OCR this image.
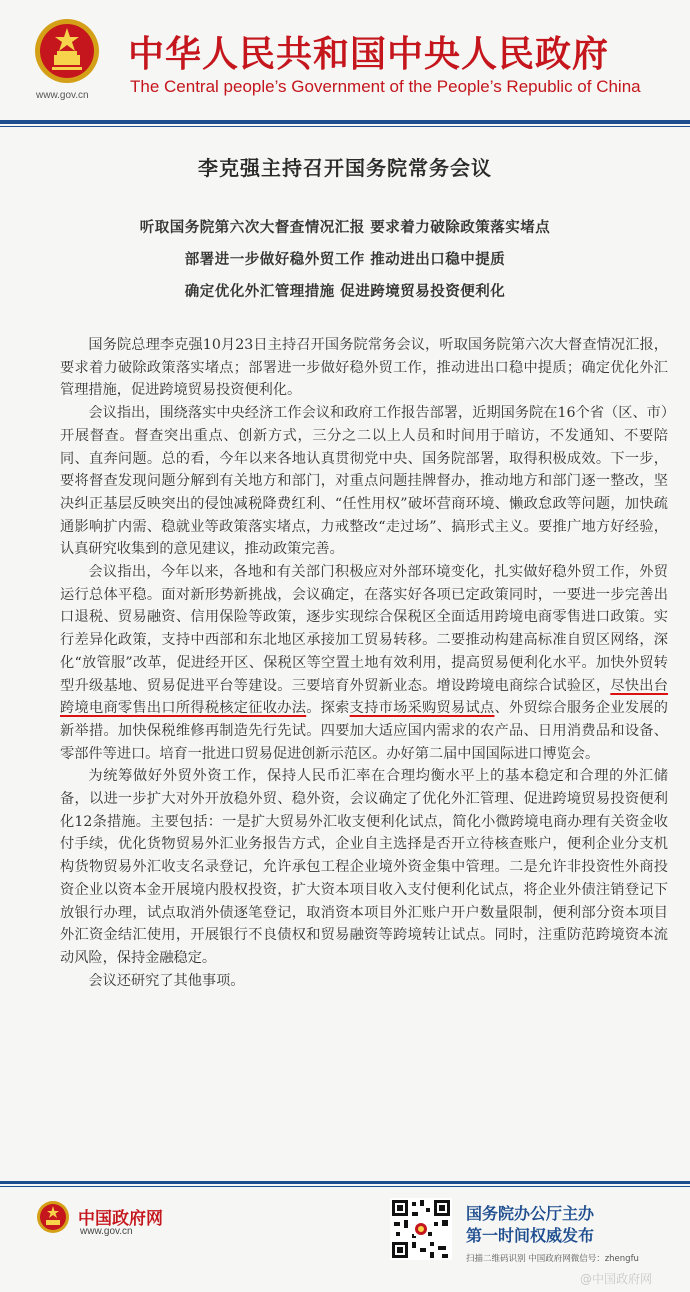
www.gov.cn
中华人民共和国中央人民政府
The Central people’s Government of the People’s Republic of China
李克强主持召开国务院常务会议
听取国务院第六次大督查情况汇报 要求着力破除政策落实堵点
部署进一步做好稳外贸工作 推动进出口稳中提质
确定优化外汇管理措施 促进跨境贸易投资便利化

国务院总理李克强10月23日主持召开国务院常务会议，听取国务院第六次大督查情况汇报，要求着力破除政策落实堵点；部署进一步做好稳外贸工作，推动进出口稳中提质；确定优化外汇管理措施，促进跨境贸易投资便利化。

会议指出，围绕落实中央经济工作会议和政府工作报告部署，近期国务院在16个省（区、市）开展督查。督查突出重点、创新方式，三分之二以上人员和时间用于暗访，不发通知、不要陪同、直奔问题。总的看，今年以来各地认真贯彻党中央、国务院部署，取得积极成效。下一步，要将督查发现问题分解到有关地方和部门，对重点问题挂牌督办，推动地方和部门逐一整改，坚决纠正基层反映突出的侵蚀减税降费红利、“任性用权”破坏营商环境、懒政怠政等问题，加快疏通影响扩内需、稳就业等政策落实堵点，力戒整改“走过场”、搞形式主义。要推广地方好经验，认真研究收集到的意见建议，推动政策完善。

会议指出，今年以来，各地和有关部门积极应对外部环境变化，扎实做好稳外贸工作，外贸运行总体平稳。面对新形势新挑战，会议确定，在落实好各项已定政策同时，一要进一步完善出口退税、贸易融资、信用保险等政策，逐步实现综合保税区全面适用跨境电商零售进口政策。实行差异化政策，支持中西部和东北地区承接加工贸易转移。二要推动构建高标准自贸区网络，深化“放管服”改革，促进经开区、保税区等空置土地有效利用，提高贸易便利化水平。加快外贸转型升级基地、贸易促进平台等建设。三要培育外贸新业态。增设跨境电商综合试验区，尽快出台跨境电商零售出口所得税核定征收办法。探索支持市场采购贸易试点、外贸综合服务企业发展的新举措。加快保税维修再制造先行先试。四要加大适应国内需求的农产品、日用消费品和设备、零部件等进口。培育一批进口贸易促进创新示范区。办好第二届中国国际进口博览会。

为统筹做好外贸外资工作，保持人民币汇率在合理均衡水平上的基本稳定和合理的外汇储备，以进一步扩大对外开放稳外贸、稳外资，会议确定了优化外汇管理、促进跨境贸易投资便利化12条措施。主要包括：一是扩大贸易外汇收支便利化试点，简化小微跨境电商办理有关资金收付手续，优化货物贸易外汇业务报告方式，企业自主选择是否开立待核查账户，便利企业分支机构货物贸易外汇收支名录登记，允许承包工程企业境外资金集中管理。二是允许非投资性外商投资企业以资本金开展境内股权投资，扩大资本项目收入支付便利化试点，将企业外债注销登记下放银行办理，试点取消外债逐笔登记，取消资本项目外汇账户开户数量限制，便利部分资本项目外汇资金结汇使用，开展银行不良债权和贸易融资等跨境转让试点。同时，注重防范跨境资本流动风险，保持金融稳定。

会议还研究了其他事项。

中国政府网
www.gov.cn
国务院办公厅主办
第一时间权威发布
扫描二维码识别 中国政府网微信号：zhengfu
@中国政府网
